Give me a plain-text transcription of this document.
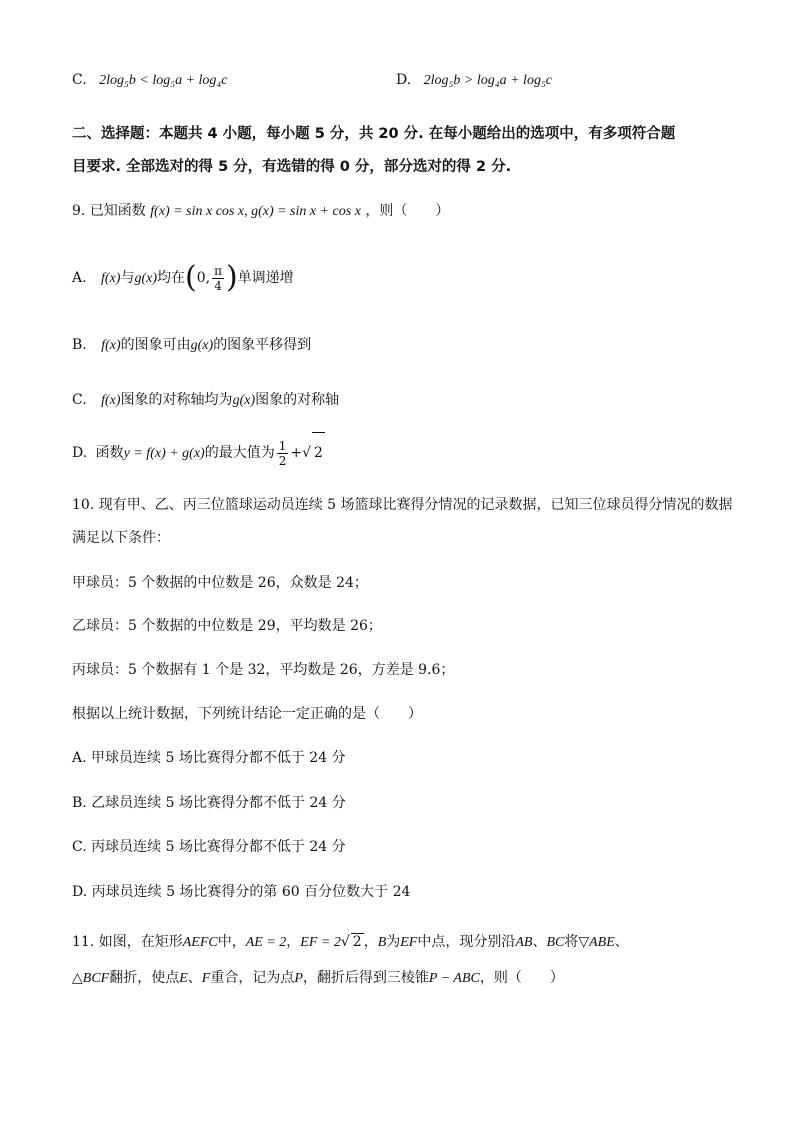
C. 2log₅b < log₅a + log₄c	D. 2log₅b > log₄a + log₅c
二、选择题：本题共 4 小题，每小题 5 分，共 20 分. 在每小题给出的选项中，有多项符合题
目要求. 全部选对的得 5 分，有选错的得 0 分，部分选对的得 2 分.
9. 已知函数 f(x) = sin x cos x, g(x) = sin x + cos x ，则（　　）
A. f(x)与g(x)均在(0, $\frac{\pi}{4}$ )单调递增
B. f(x)的图象可由g(x)的图象平移得到
C. f(x)图象的对称轴均为g(x)图象的对称轴
D. 函数y = f(x) + g(x)的最大值为 $\frac{1}{2}$ +√ 2
10. 现有甲、乙、丙三位篮球运动员连续 5 场篮球比赛得分情况的记录数据，已知三位球员得分情况的数据
满足以下条件：
甲球员：5 个数据的中位数是 26，众数是 24；
乙球员：5 个数据的中位数是 29，平均数是 26；
丙球员：5 个数据有 1 个是 32，平均数是 26，方差是 9.6；
根据以上统计数据，下列统计结论一定正确的是（　　）
A. 甲球员连续 5 场比赛得分都不低于 24 分
B. 乙球员连续 5 场比赛得分都不低于 24 分
C. 丙球员连续 5 场比赛得分都不低于 24 分
D. 丙球员连续 5 场比赛得分的第 60 百分位数大于 24
11. 如图，在矩形AEFC中，AE = 2，EF = 2√ 2 ，B为EF中点，现分别沿AB、BC将▽ABE、
△BCF翻折，使点E、F重合，记为点P，翻折后得到三棱锥P − ABC，则（　　）
